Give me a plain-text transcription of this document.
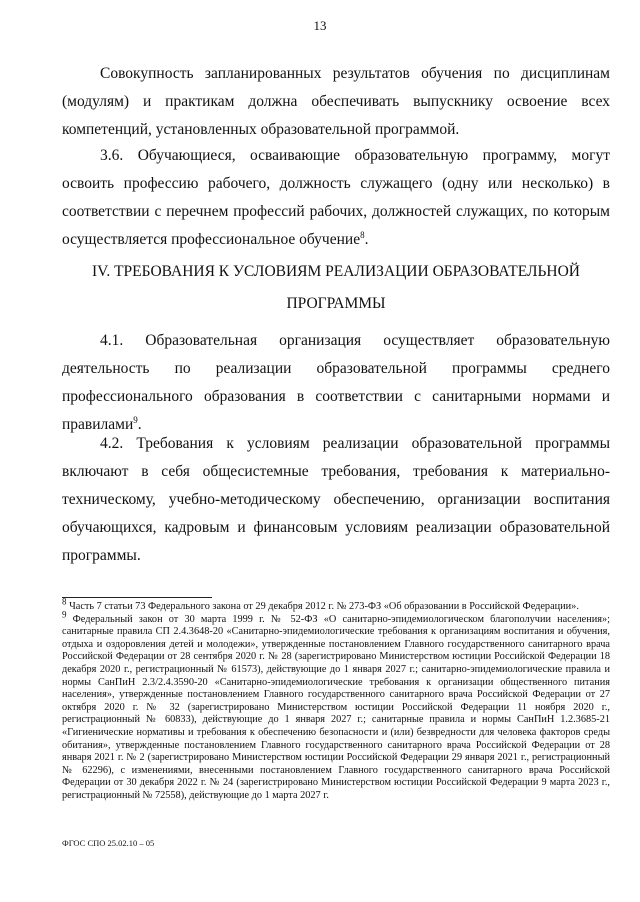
13

Совокупность запланированных результатов обучения по дисциплинам (модулям) и практикам должна обеспечивать выпускнику освоение всех компетенций, установленных образовательной программой.

3.6. Обучающиеся, осваивающие образовательную программу, могут освоить профессию рабочего, должность служащего (одну или несколько) в соответствии с перечнем профессий рабочих, должностей служащих, по которым осуществляется профессиональное обучение$^8$.

IV. ТРЕБОВАНИЯ К УСЛОВИЯМ РЕАЛИЗАЦИИ ОБРАЗОВАТЕЛЬНОЙ
ПРОГРАММЫ

4.1. Образовательная организация осуществляет образовательную деятельность по реализации образовательной программы среднего профессионального образования в соответствии с санитарными нормами и правилами$^9$.

4.2. Требования к условиям реализации образовательной программы включают в себя общесистемные требования, требования к материально-техническому, учебно-методическому обеспечению, организации воспитания обучающихся, кадровым и финансовым условиям реализации образовательной программы.

$^8$ Часть 7 статьи 73 Федерального закона от 29 декабря 2012 г. № 273-ФЗ «Об образовании в Российской Федерации».

$^9$ Федеральный закон от 30 марта 1999 г. № 52-ФЗ «О санитарно-эпидемиологическом благополучии населения»; санитарные правила СП 2.4.3648-20 «Санитарно-эпидемиологические требования к организациям воспитания и обучения, отдыха и оздоровления детей и молодежи», утвержденные постановлением Главного государственного санитарного врача Российской Федерации от 28 сентября 2020 г. № 28 (зарегистрировано Министерством юстиции Российской Федерации 18 декабря 2020 г., регистрационный № 61573), действующие до 1 января 2027 г.; санитарно-эпидемиологические правила и нормы СанПиН 2.3/2.4.3590-20 «Санитарно-эпидемиологические требования к организации общественного питания населения», утвержденные постановлением Главного государственного санитарного врача Российской Федерации от 27 октября 2020 г. № 32 (зарегистрировано Министерством юстиции Российской Федерации 11 ноября 2020 г., регистрационный № 60833), действующие до 1 января 2027 г.; санитарные правила и нормы СанПиН 1.2.3685-21 «Гигиенические нормативы и требования к обеспечению безопасности и (или) безвредности для человека факторов среды обитания», утвержденные постановлением Главного государственного санитарного врача Российской Федерации от 28 января 2021 г. № 2 (зарегистрировано Министерством юстиции Российской Федерации 29 января 2021 г., регистрационный № 62296), с изменениями, внесенными постановлением Главного государственного санитарного врача Российской Федерации от 30 декабря 2022 г. № 24 (зарегистрировано Министерством юстиции Российской Федерации 9 марта 2023 г., регистрационный № 72558), действующие до 1 марта 2027 г.

ФГОС СПО 25.02.10 – 05
